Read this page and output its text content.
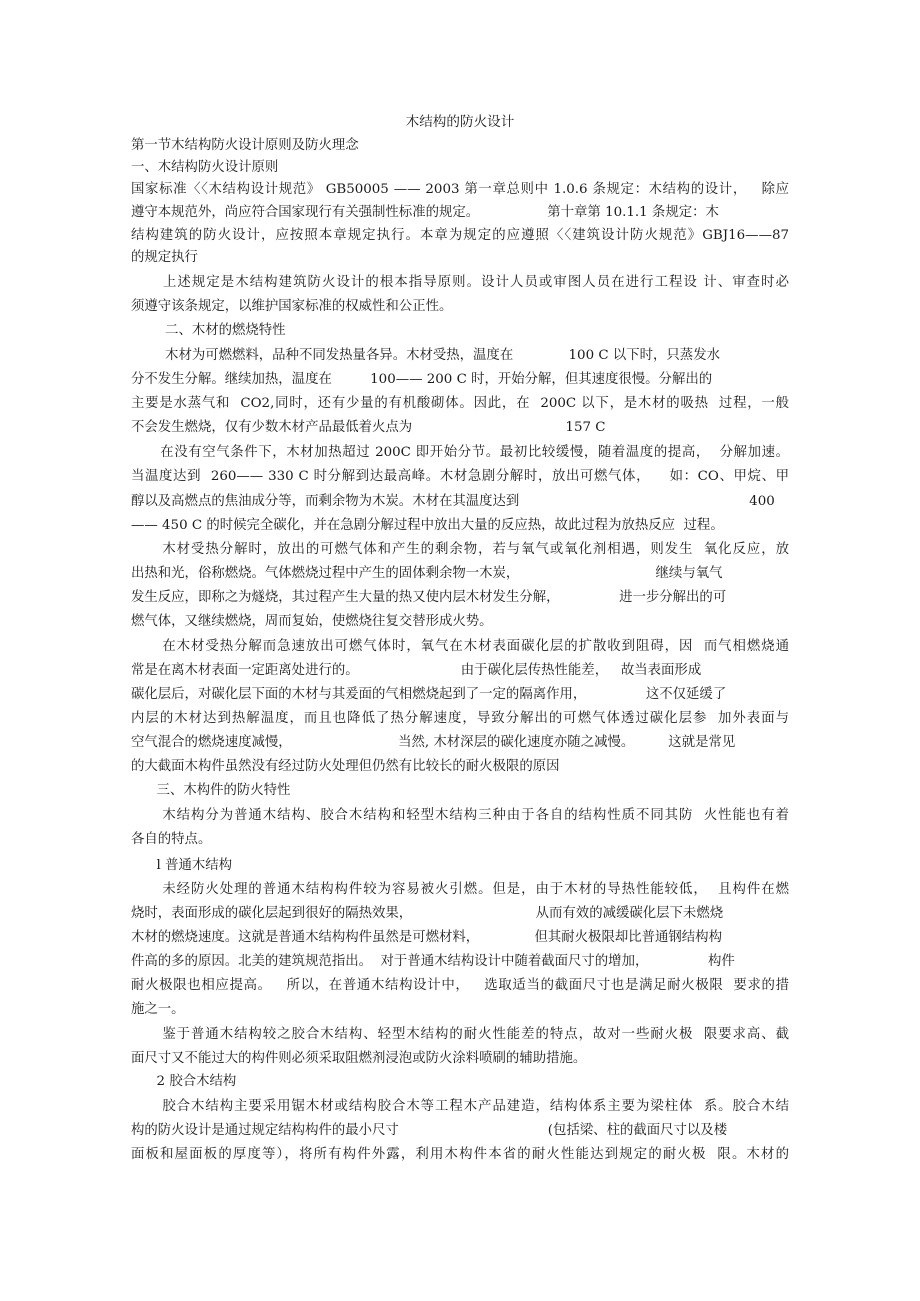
木结构的防火设计
第一节木结构防火设计原则及防火理念
一、木结构防火设计原则
国家标准〈〈木结构设计规范》 GB50005 —— 2003 第一章总则中 1.0.6 条规定：木结构的设计，   除应
遵守本规范外，尚应符合国家现行有关强制性标准的规定。                第十章第 10.1.1 条规定：木
结构建筑的防火设计，应按照本章规定执行。本章为规定的应遵照〈〈建筑设计防火规范》GBJ16——87
的规定执行
上述规定是木结构建筑防火设计的根本指导原则。设计人员或审图人员在进行工程设 计、审查时必
须遵守该条规定，以维护国家标准的权威性和公正性。
二、木材的燃烧特性
木材为可燃燃料，品种不同发热量各异。木材受热，温度在             100 C 以下时，只蒸发水
分不发生分解。继续加热，温度在         100—— 200 C 时，开始分解，但其速度很慢。分解出的
主要是水蒸气和  CO2,同时，还有少量的有机酸砌体。因此，在  200C 以下，是木材的吸热  过程，一般
不会发生燃烧，仅有少数木材产品最低着火点为                                    157 C
在没有空气条件下，木材加热超过 200C 即开始分节。最初比较缓慢，随着温度的提高，  分解加速。
当温度达到  260—— 330 C 时分解到达最高峰。木材急剧分解时，放出可燃气体，    如：CO、甲烷、甲
醇以及高燃点的焦油成分等，而剩余物为木炭。木材在其温度达到                                                      400
—— 450 C 的时候完全碳化，并在急剧分解过程中放出大量的反应热，故此过程为放热反应  过程。
木材受热分解时，放出的可燃气体和产生的剩余物，若与氧气或氧化剂相遇，则发生  氧化反应，放
出热和光，俗称燃烧。气体燃烧过程中产生的固体剩余物一木炭，                                继续与氧气
发生反应，即称之为燧烧，其过程产生大量的热又使内层木材发生分解，              进一步分解出的可
燃气体，又继续燃烧，周而复始，使燃烧往复交替形成火势。
在木材受热分解而急速放出可燃气体时，氧气在木材表面碳化层的扩散收到阻碍，因  而气相燃烧通
常是在离木材表面一定距离处进行的。                        由于碳化层传热性能差，   故当表面形成
碳化层后，对碳化层下面的木材与其爰面的气相燃烧起到了一定的隔离作用，              这不仅延缓了
内层的木材达到热解温度，而且也降低了热分解速度，导致分解出的可燃气体透过碳化层参  加外表面与
空气混合的燃烧速度减慢，                         当然, 木材深层的碳化速度亦随之减慢。        这就是常见
的大截面木构件虽然没有经过防火处理但仍然有比较长的耐火极限的原因
三、木构件的防火特性
木结构分为普通木结构、胶合木结构和轻型木结构三种由于各自的结构性质不同其防  火性能也有着
各自的特点。
l 普通木结构
未经防火处理的普通木结构构件较为容易被火引燃。但是，由于木材的导热性能较低，  且构件在燃
烧时，表面形成的碳化层起到很好的隔热效果，                             从而有效的减缓碳化层下未燃烧
木材的燃烧速度。这就是普通木结构构件虽然是可燃材料，             但其耐火极限却比普通钢结构构
件高的多的原因。北美的建筑规范指出。  对于普通木结构设计中随着截面尺寸的增加，              构件
耐火极限也相应提高。   所以，在普通木结构设计中，   选取适当的截面尺寸也是满足耐火极限  要求的措
施之一。
鉴于普通木结构较之胶合木结构、轻型木结构的耐火性能差的特点，故对一些耐火极  限要求高、截
面尺寸又不能过大的构件则必须采取阻燃剂浸泡或防火涂料喷刷的辅助措施。
2 胶合木结构
胶合木结构主要采用锯木材或结构胶合木等工程木产品建造，结构体系主要为梁柱体  系。胶合木结
构的防火设计是通过规定结构构件的最小尺寸                                   (包括梁、柱的截面尺寸以及楼
面板和屋面板的厚度等），将所有构件外露，利用木构件本省的耐火性能达到规定的耐火极  限。木材的
